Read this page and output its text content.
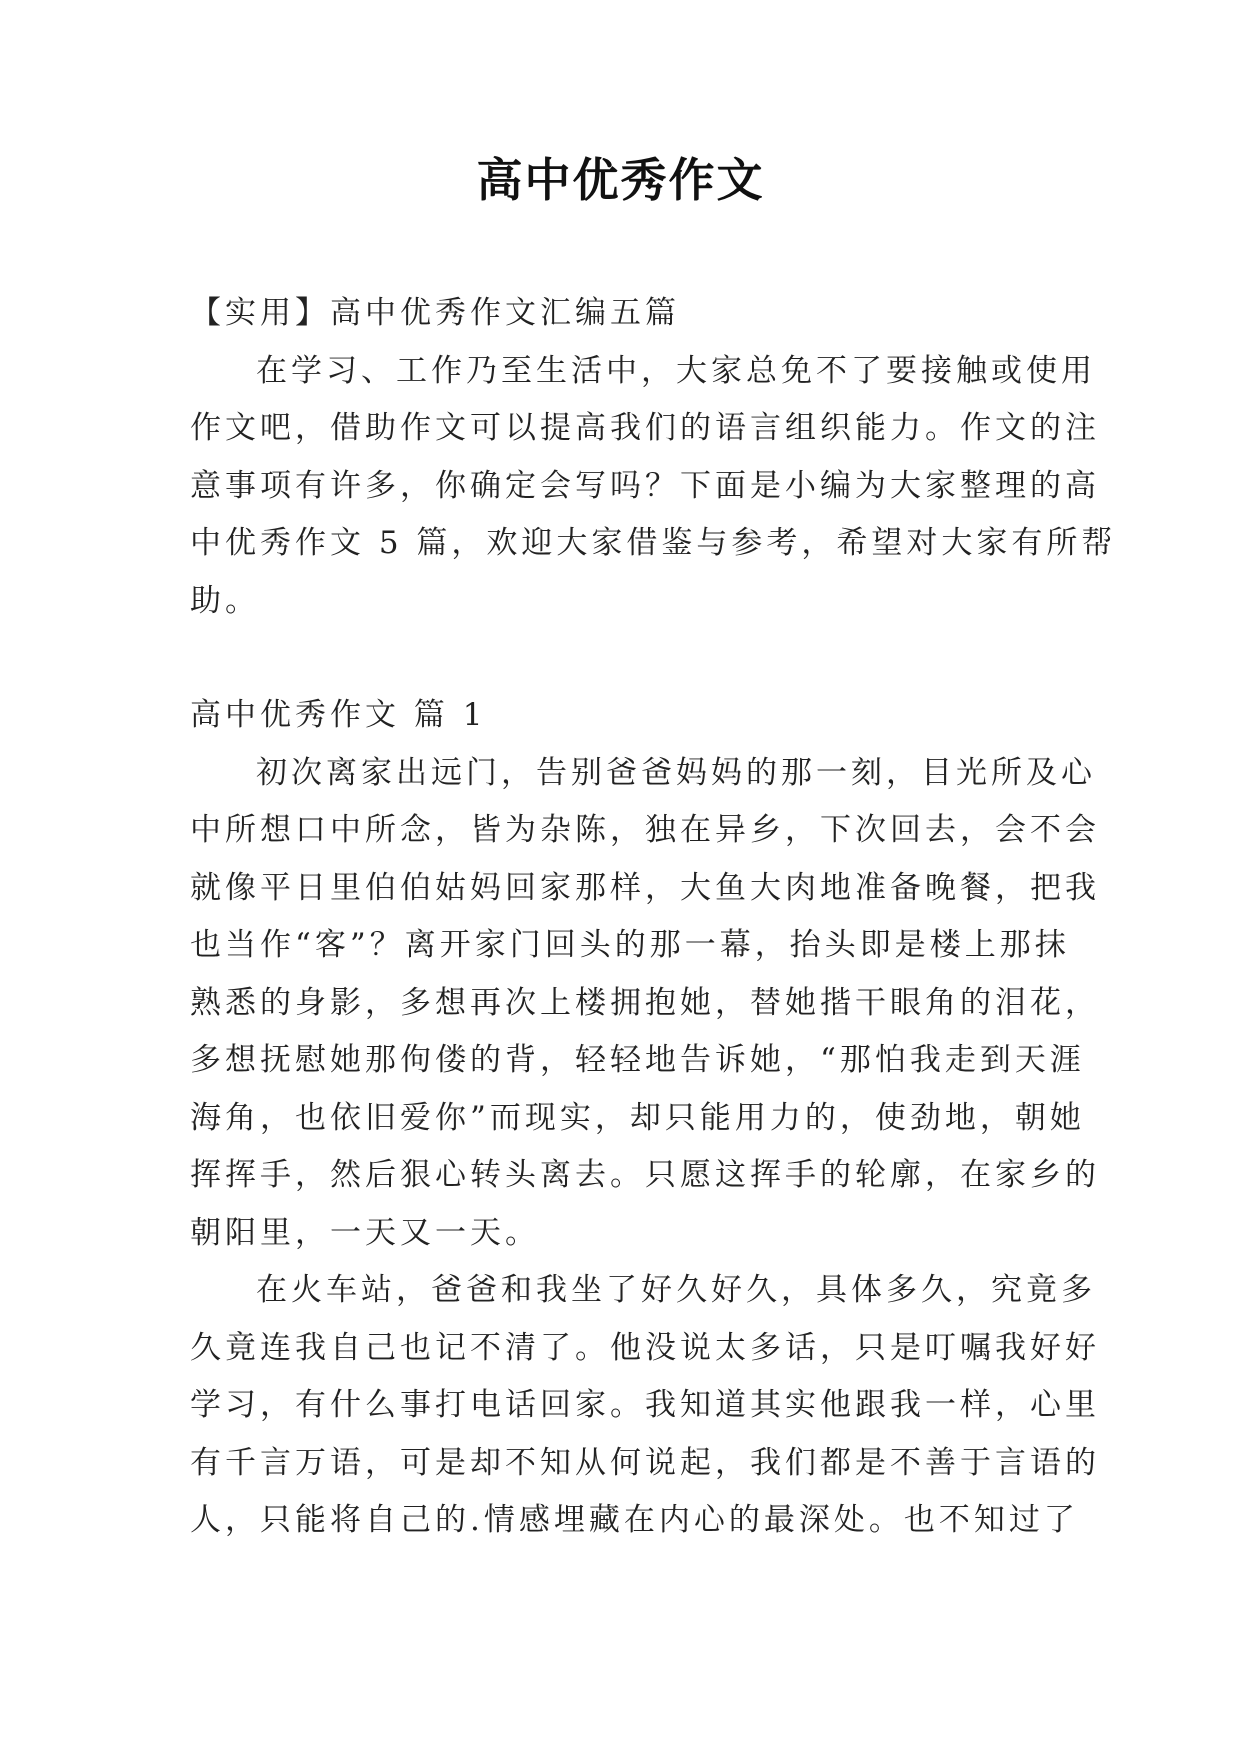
高中优秀作文

【实用】高中优秀作文汇编五篇

在学习、工作乃至生活中，大家总免不了要接触或使用

作文吧，借助作文可以提高我们的语言组织能力。作文的注

意事项有许多，你确定会写吗？下面是小编为大家整理的高

中优秀作文 5 篇，欢迎大家借鉴与参考，希望对大家有所帮

助。

高中优秀作文 篇 1

初次离家出远门，告别爸爸妈妈的那一刻，目光所及心

中所想口中所念，皆为杂陈，独在异乡，下次回去，会不会

就像平日里伯伯姑妈回家那样，大鱼大肉地准备晚餐，把我

也当作“客”？离开家门回头的那一幕，抬头即是楼上那抹

熟悉的身影，多想再次上楼拥抱她，替她揩干眼角的泪花，

多想抚慰她那佝偻的背，轻轻地告诉她，“那怕我走到天涯

海角，也依旧爱你”而现实，却只能用力的，使劲地，朝她

挥挥手，然后狠心转头离去。只愿这挥手的轮廓，在家乡的

朝阳里，一天又一天。

在火车站，爸爸和我坐了好久好久，具体多久，究竟多

久竟连我自己也记不清了。他没说太多话，只是叮嘱我好好

学习，有什么事打电话回家。我知道其实他跟我一样，心里

有千言万语，可是却不知从何说起，我们都是不善于言语的

人，只能将自己的.情感埋藏在内心的最深处。也不知过了
